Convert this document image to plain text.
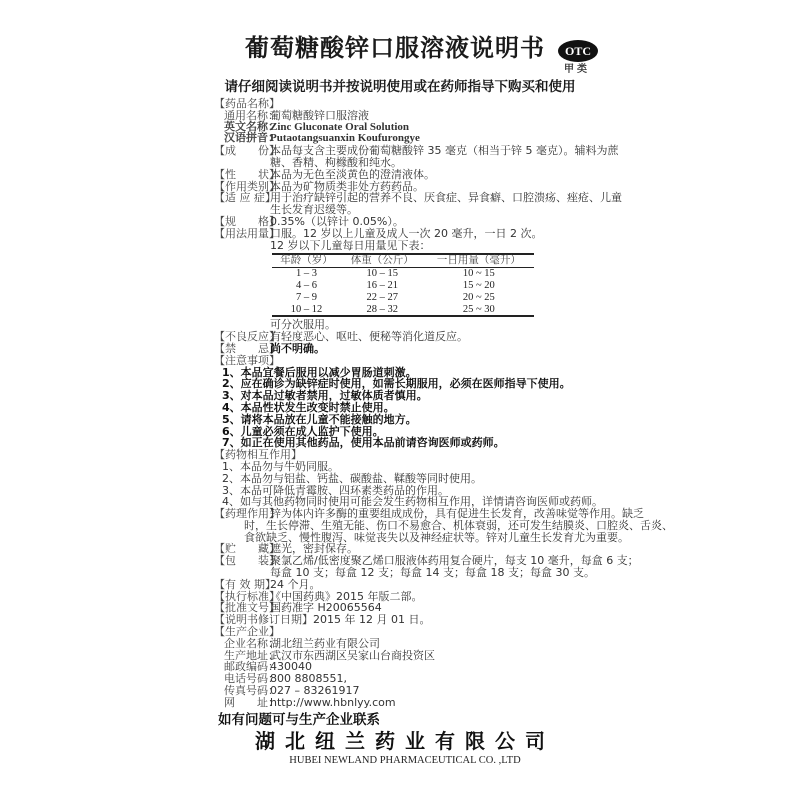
葡萄糖酸锌口服溶液说明书	OTC
甲类
请仔细阅读说明书并按说明使用或在药师指导下购买和使用
【药品名称】
通用名称：
葡萄糖酸锌口服溶液
英文名称：
Zinc Gluconate Oral Solution
汉语拼音：
Putaotangsuanxin Koufurongye
【成　　份】
本品每支含主要成份葡萄糖酸锌 35 毫克（相当于锌 5 毫克）。辅料为蔗
糖、香精、枸橼酸和纯水。
【性　　状】
本品为无色至淡黄色的澄清液体。
【作用类别】
本品为矿物质类非处方药药品。
【适 应 症】
用于治疗缺锌引起的营养不良、厌食症、异食癖、口腔溃疡、痤疮、儿童
生长发育迟缓等。
【规　　格】
0.35%（以锌计 0.05%）。
【用法用量】
口服。12 岁以上儿童及成人一次 20 毫升，一日 2 次。
12 岁以下儿童每日用量见下表：
年龄（岁）	体重（公斤）	一日用量（毫升）
1 – 3	10 – 15	10 ~ 15
4 – 6	16 – 21	15 ~ 20
7 – 9	22 – 27	20 ~ 25
10 – 12	28 – 32	25 ~ 30
可分次服用。
【不良反应】
有轻度恶心、呕吐、便秘等消化道反应。
【禁　　忌】
尚不明确。
【注意事项】
1、本品宜餐后服用以减少胃肠道刺激。
2、应在确诊为缺锌症时使用，如需长期服用，必须在医师指导下使用。
3、对本品过敏者禁用，过敏体质者慎用。
4、本品性状发生改变时禁止使用。
5、请将本品放在儿童不能接触的地方。
6、儿童必须在成人监护下使用。
7、如正在使用其他药品，使用本品前请咨询医师或药师。
【药物相互作用】
1、本品勿与牛奶同服。
2、本品勿与铝盐、钙盐、碳酸盐、鞣酸等同时使用。
3、本品可降低青霉胺、四环素类药品的作用。
4、如与其他药物同时使用可能会发生药物相互作用，详情请咨询医师或药师。
【药理作用】
锌为体内许多酶的重要组成成份，具有促进生长发育，改善味觉等作用。缺乏
时，生长停滞、生殖无能、伤口不易愈合、机体衰弱，还可发生结膜炎、口腔炎、舌炎、
食欲缺乏、慢性腹泻、味觉丧失以及神经症状等。锌对儿童生长发育尤为重要。
【贮　　藏】
遮光，密封保存。
【包　　装】
聚氯乙烯/低密度聚乙烯口服液体药用复合硬片，每支 10 毫升，每盒 6 支；
每盒 10 支；每盒 12 支；每盒 14 支；每盒 18 支；每盒 30 支。
【有 效 期】
24 个月。
【执行标准】
《中国药典》2015 年版二部。
【批准文号】
国药准字 H20065564
【说明书修订日期】 2015 年 12 月 01 日。
【生产企业】
企业名称：
湖北纽兰药业有限公司
生产地址：
武汉市东西湖区吴家山台商投资区
邮政编码：
430040
电话号码：
800 8808551,
传真号码：
027 – 83261917
网　　址：
http://www.hbnlyy.com
如有问题可与生产企业联系
湖北纽兰药业有限公司
HUBEI NEWLAND PHARMACEUTICAL CO. ,LTD
